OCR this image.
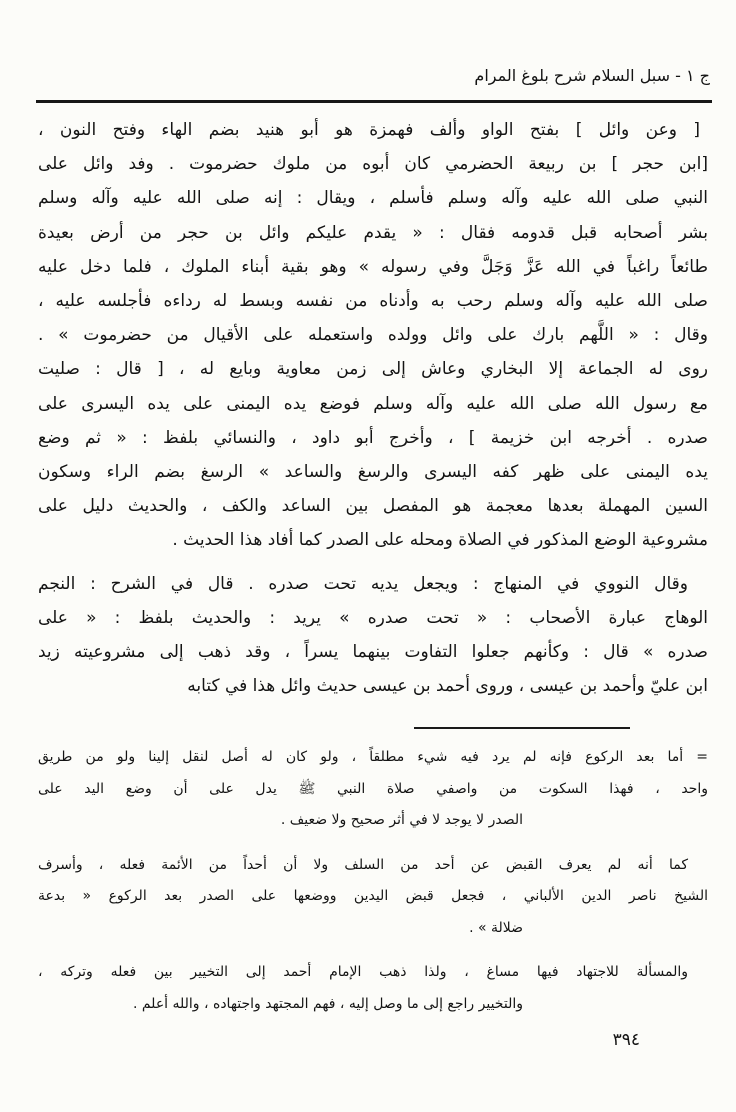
ج ١ - سبل السلام شرح بلوغ المرام
[ وعن وائل ] بفتح الواو وألف فهمزة هو أبو هنيد بضم الهاء وفتح النون ،
[ابن حجر ] بن ربيعة الحضرمي كان أبوه من ملوك حضرموت . وفد وائل على
النبي صلى الله عليه وآله وسلم فأسلم ، ويقال : إنه صلى الله عليه وآله وسلم
بشر أصحابه قبل قدومه فقال : « يقدم عليكم وائل بن حجر من أرض بعيدة
طائعاً راغباً في الله عَزَّ وَجَلَّ وفي رسوله » وهو بقية أبناء الملوك ، فلما دخل عليه
صلى الله عليه وآله وسلم رحب به وأدناه من نفسه وبسط له رداءه فأجلسه عليه ،
وقال : « اللَّهم بارك على وائل وولده واستعمله على الأقيال من حضرموت » .
روى له الجماعة إلا البخاري وعاش إلى زمن معاوية وبايع له ، [ قال : صليت
مع رسول الله صلى الله عليه وآله وسلم فوضع يده اليمنى على يده اليسرى على
صدره . أخرجه ابن خزيمة ] ، وأخرج أبو داود ، والنسائي بلفظ : « ثم وضع
يده اليمنى على ظهر كفه اليسرى والرسغ والساعد » الرسغ بضم الراء وسكون
السين المهملة بعدها معجمة هو المفصل بين الساعد والكف ، والحديث دليل على
مشروعية الوضع المذكور في الصلاة ومحله على الصدر كما أفاد هذا الحديث .
وقال النووي في المنهاج : ويجعل يديه تحت صدره . قال في الشرح : النجم
الوهاج عبارة الأصحاب : « تحت صدره » يريد : والحديث بلفظ : « على
صدره » قال : وكأنهم جعلوا التفاوت بينهما يسراً ، وقد ذهب إلى مشروعيته زيد
ابن عليّ وأحمد بن عيسى ، وروى أحمد بن عيسى حديث وائل هذا في كتابه
= أما بعد الركوع فإنه لم يرد فيه شيء مطلقاً ، ولو كان له أصل لنقل إلينا ولو من طريق
واحد ، فهذا السكوت من واصفي صلاة النبي ﷺ يدل على أن وضع اليد على
الصدر لا يوجد لا في أثر صحيح ولا ضعيف .
كما أنه لم يعرف القبض عن أحد من السلف ولا أن أحداً من الأئمة فعله ، وأسرف
الشيخ ناصر الدين الألباني ، فجعل قبض اليدين ووضعها على الصدر بعد الركوع « بدعة
ضلالة » .
والمسألة للاجتهاد فيها مساغ ، ولذا ذهب الإمام أحمد إلى التخيير بين فعله وتركه ،
والتخيير راجع إلى ما وصل إليه ، فهم المجتهد واجتهاده ، والله أعلم .
٣٩٤
